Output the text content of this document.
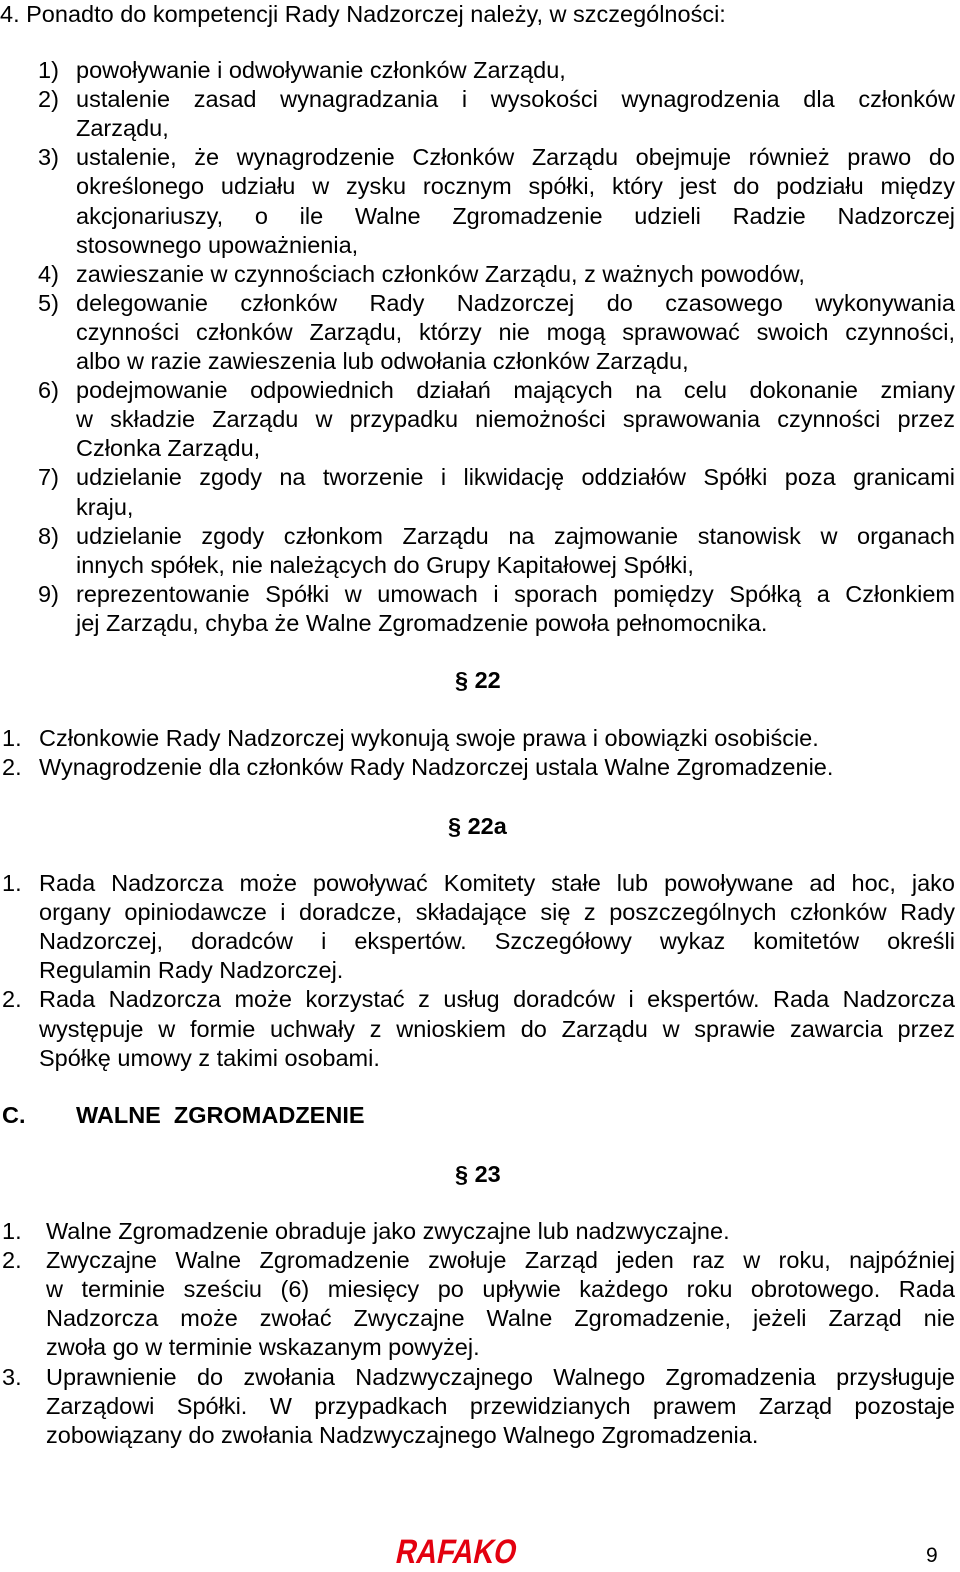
4. Ponadto do kompetencji Rady Nadzorczej należy, w szczególności:
1) powoływanie i odwoływanie członków Zarządu,
2) ustalenie zasad wynagradzania i wysokości wynagrodzenia dla członków
Zarządu,
3) ustalenie, że wynagrodzenie Członków Zarządu obejmuje również prawo do
określonego udziału w zysku rocznym spółki, który jest do podziału między
akcjonariuszy, o ile Walne Zgromadzenie udzieli Radzie Nadzorczej
stosownego upoważnienia,
4) zawieszanie w czynnościach członków Zarządu, z ważnych powodów,
5) delegowanie członków Rady Nadzorczej do czasowego wykonywania
czynności członków Zarządu, którzy nie mogą sprawować swoich czynności,
albo w razie zawieszenia lub odwołania członków Zarządu,
6) podejmowanie odpowiednich działań mających na celu dokonanie zmiany
w składzie Zarządu w przypadku niemożności sprawowania czynności przez
Członka Zarządu,
7) udzielanie zgody na tworzenie i likwidację oddziałów Spółki poza granicami
kraju,
8) udzielanie zgody członkom Zarządu na zajmowanie stanowisk w organach
innych spółek, nie należących do Grupy Kapitałowej Spółki,
9) reprezentowanie Spółki w umowach i sporach pomiędzy Spółką a Członkiem
jej Zarządu, chyba że Walne Zgromadzenie powoła pełnomocnika.
§ 22
1. Członkowie Rady Nadzorczej wykonują swoje prawa i obowiązki osobiście.
2. Wynagrodzenie dla członków Rady Nadzorczej ustala Walne Zgromadzenie.
§ 22a
1. Rada Nadzorcza może powoływać Komitety stałe lub powoływane ad hoc, jako
organy opiniodawcze i doradcze, składające się z poszczególnych członków Rady
Nadzorczej, doradców i ekspertów. Szczegółowy wykaz komitetów określi
Regulamin Rady Nadzorczej.
2. Rada Nadzorcza może korzystać z usług doradców i ekspertów. Rada Nadzorcza
występuje w formie uchwały z wnioskiem do Zarządu w sprawie zawarcia przez
Spółkę umowy z takimi osobami.
C. WALNE  ZGROMADZENIE
§ 23
1. Walne Zgromadzenie obraduje jako zwyczajne lub nadzwyczajne.
2. Zwyczajne Walne Zgromadzenie zwołuje Zarząd jeden raz w roku, najpóźniej
w terminie sześciu (6) miesięcy po upływie każdego roku obrotowego. Rada
Nadzorcza może zwołać Zwyczajne Walne Zgromadzenie, jeżeli Zarząd nie
zwoła go w terminie wskazanym powyżej.
3. Uprawnienie do zwołania Nadzwyczajnego Walnego Zgromadzenia przysługuje
Zarządowi Spółki. W przypadkach przewidzianych prawem Zarząd pozostaje
zobowiązany do zwołania Nadzwyczajnego Walnego Zgromadzenia.
RAFAKO	9
